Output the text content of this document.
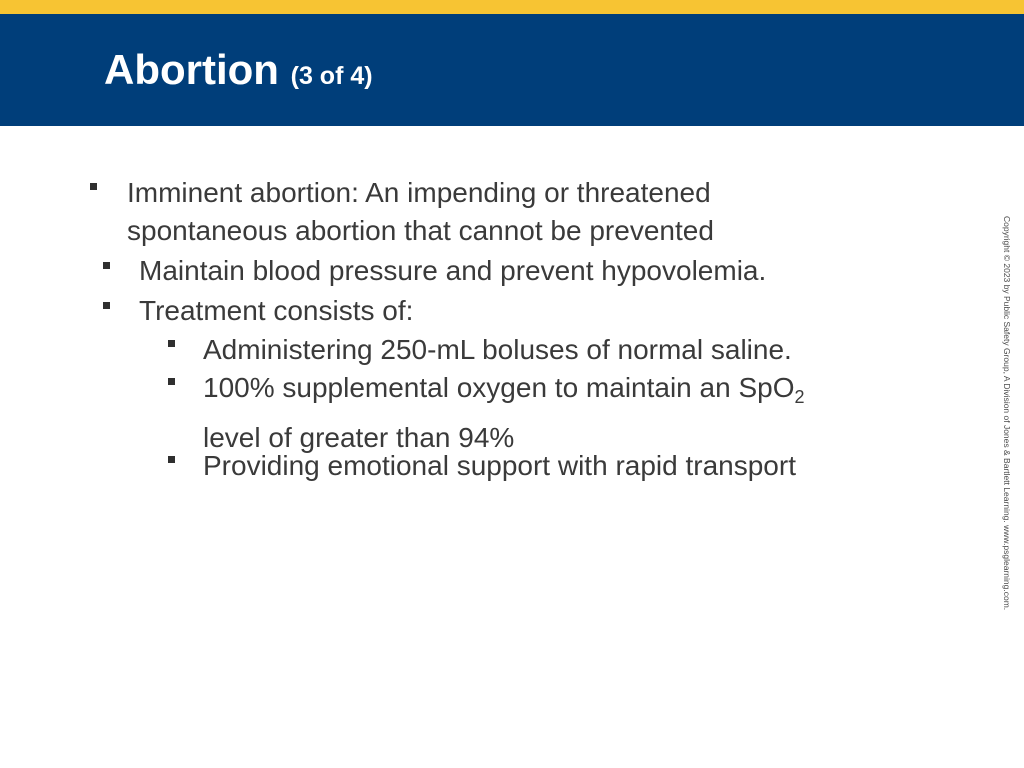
Abortion (3 of 4)
Imminent abortion: An impending or threatened
spontaneous abortion that cannot be prevented
Maintain blood pressure and prevent hypovolemia.
Treatment consists of:
Administering 250-mL boluses of normal saline.
100% supplemental oxygen to maintain an SpO$_2$
level of greater than 94%
Providing emotional support with rapid transport	Copyright © 2023 by Public Safety Group, A Division of Jones & Bartlett Learning. www.psglearning.com.
